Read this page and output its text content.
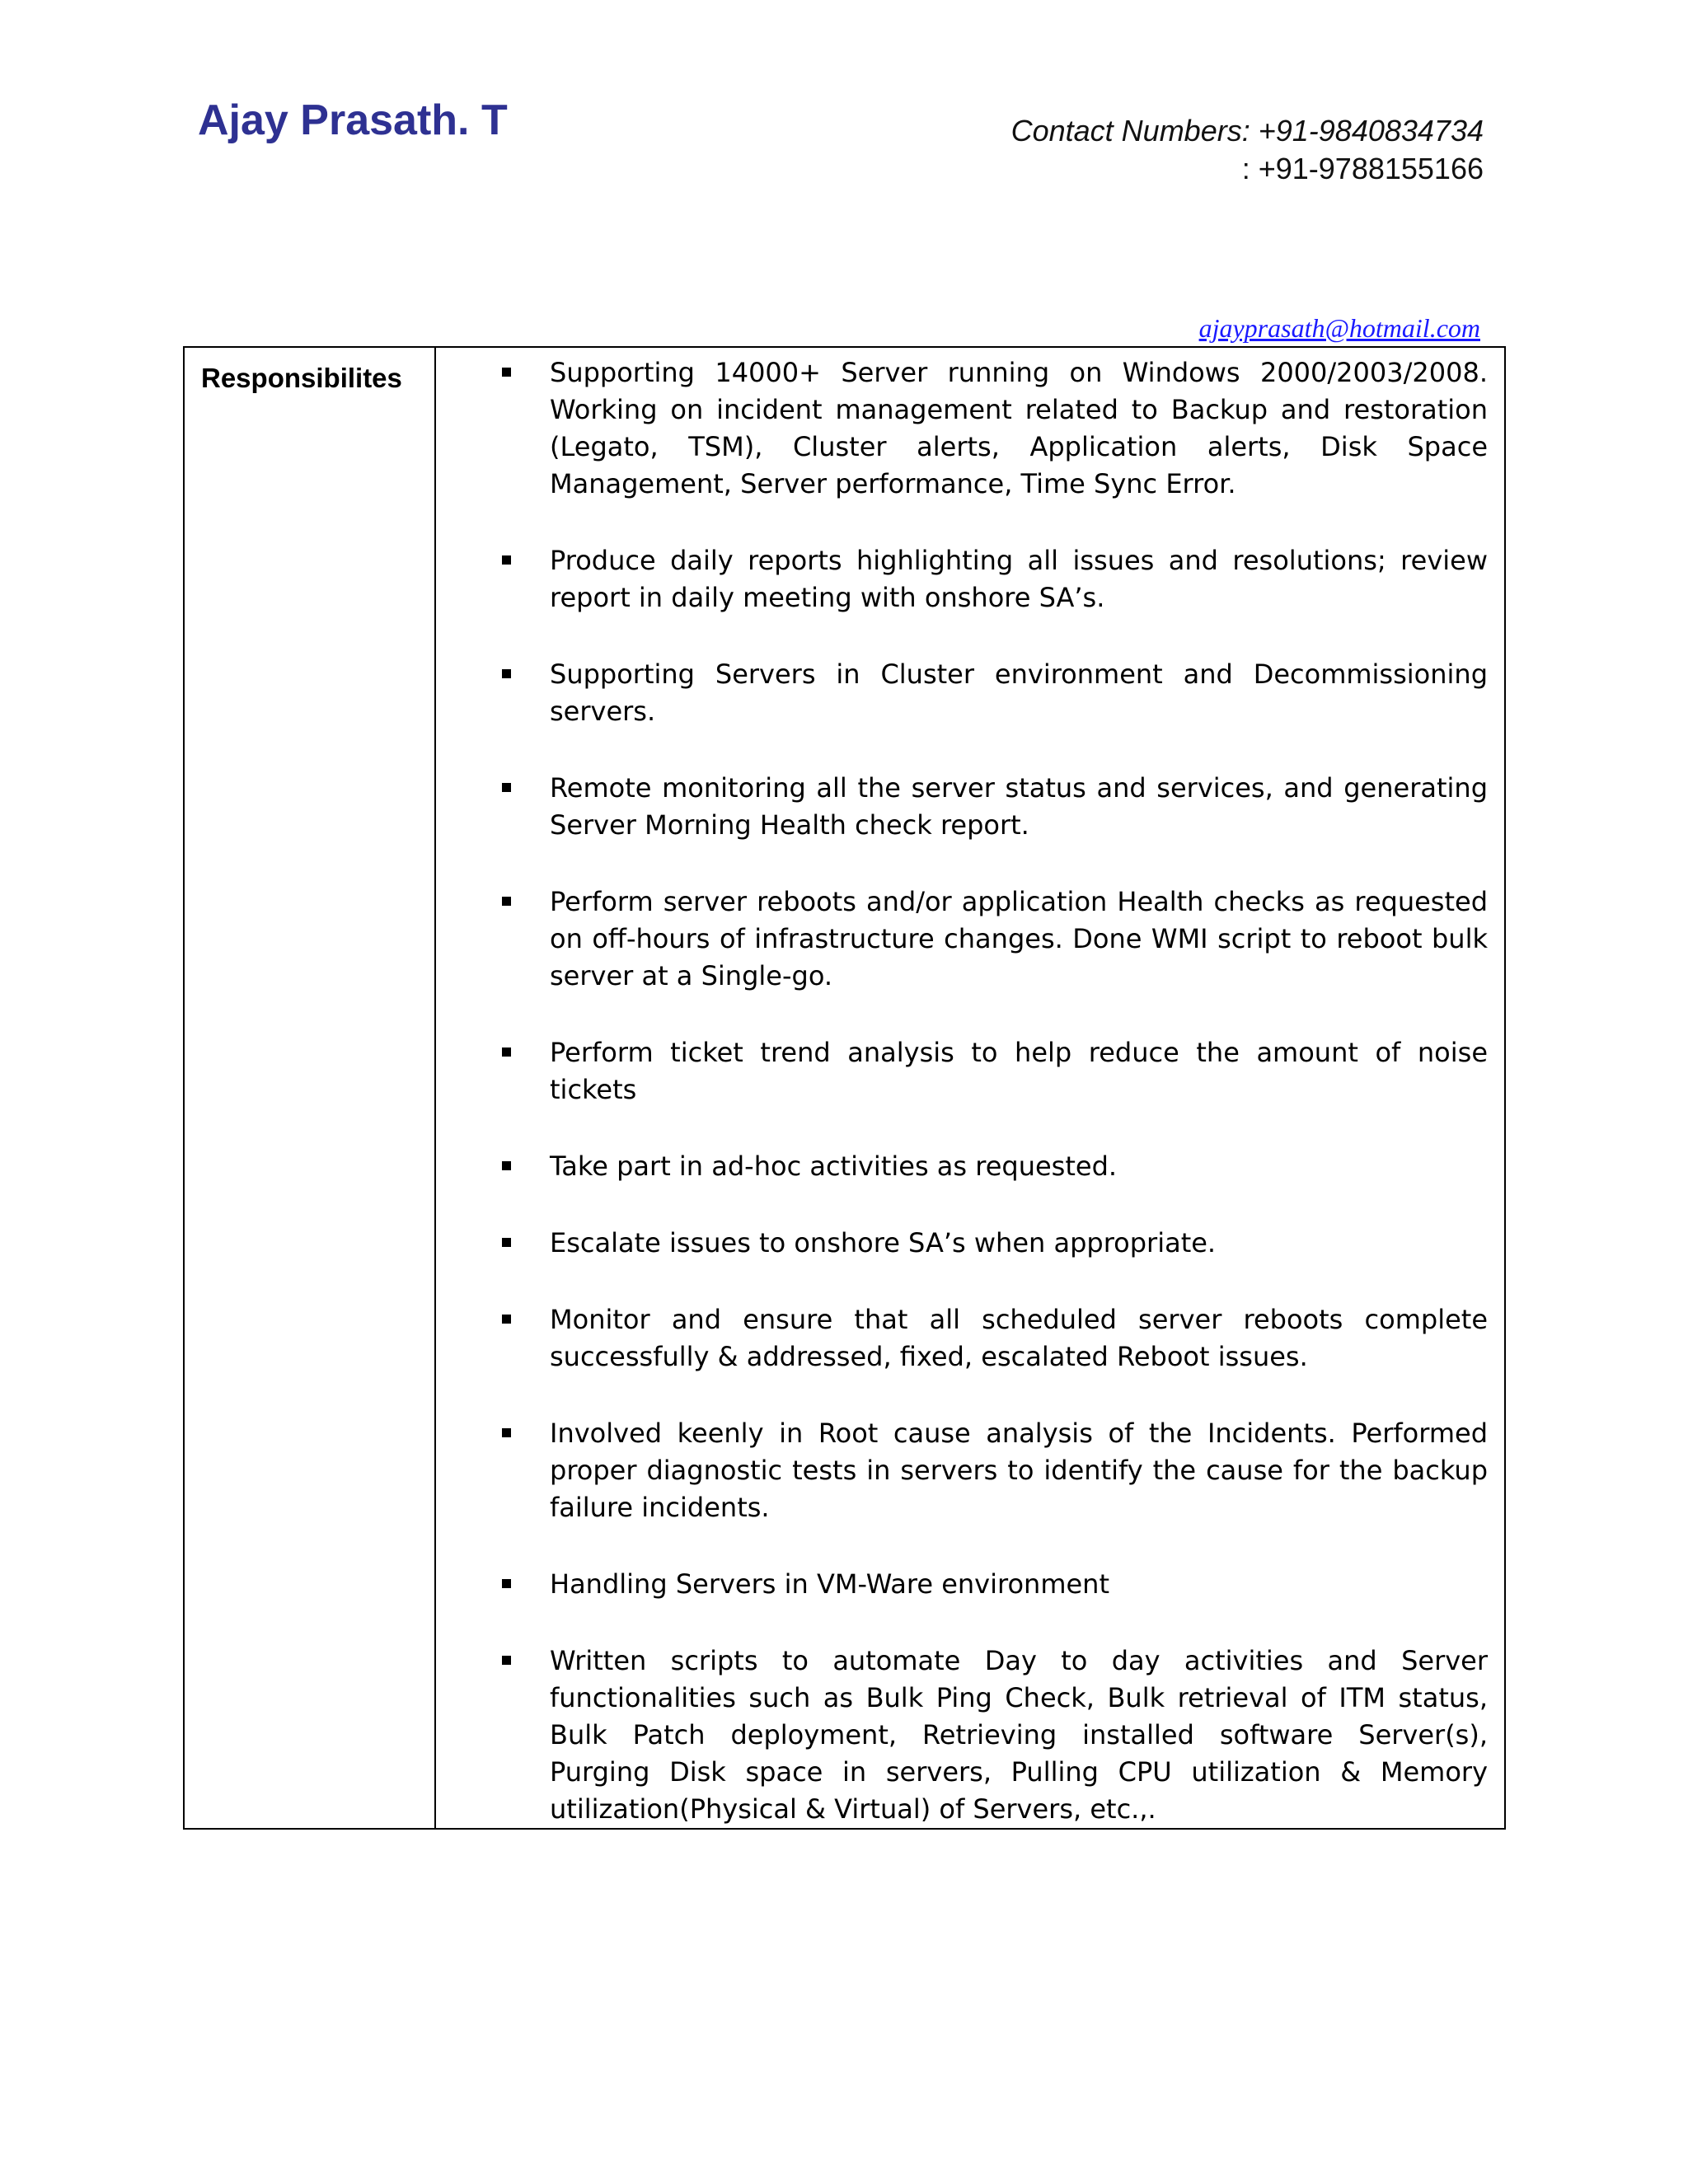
Ajay Prasath. T	Contact Numbers: +91-9840834734
: +91-9788155166
ajayprasath@hotmail.com
Responsibilites	Supporting 14000+ Server running on Windows 2000/2003/2008. Working on incident management related to Backup and restoration (Legato, TSM), Cluster alerts, Application alerts, Disk Space Management, Server performance, Time Sync Error.
Produce daily reports highlighting all issues and resolutions; review report in daily meeting with onshore SA’s.
Supporting Servers in Cluster environment and Decommissioning servers.
Remote monitoring all the server status and services, and generating Server Morning Health check report.
Perform server reboots and/or application Health checks as requested on off-hours of infrastructure changes. Done WMI script to reboot bulk server at a Single-go.
Perform ticket trend analysis to help reduce the amount of noise tickets
Take part in ad-hoc activities as requested.
Escalate issues to onshore SA’s when appropriate.
Monitor and ensure that all scheduled server reboots complete successfully & addressed, fixed, escalated Reboot issues.
Involved keenly in Root cause analysis of the Incidents. Performed proper diagnostic tests in servers to identify the cause for the backup failure incidents.
Handling Servers in VM-Ware environment
Written scripts to automate Day to day activities and Server functionalities such as Bulk Ping Check, Bulk retrieval of ITM status, Bulk Patch deployment, Retrieving installed software Server(s), Purging Disk space in servers, Pulling CPU utilization & Memory utilization(Physical & Virtual) of Servers, etc.,.
